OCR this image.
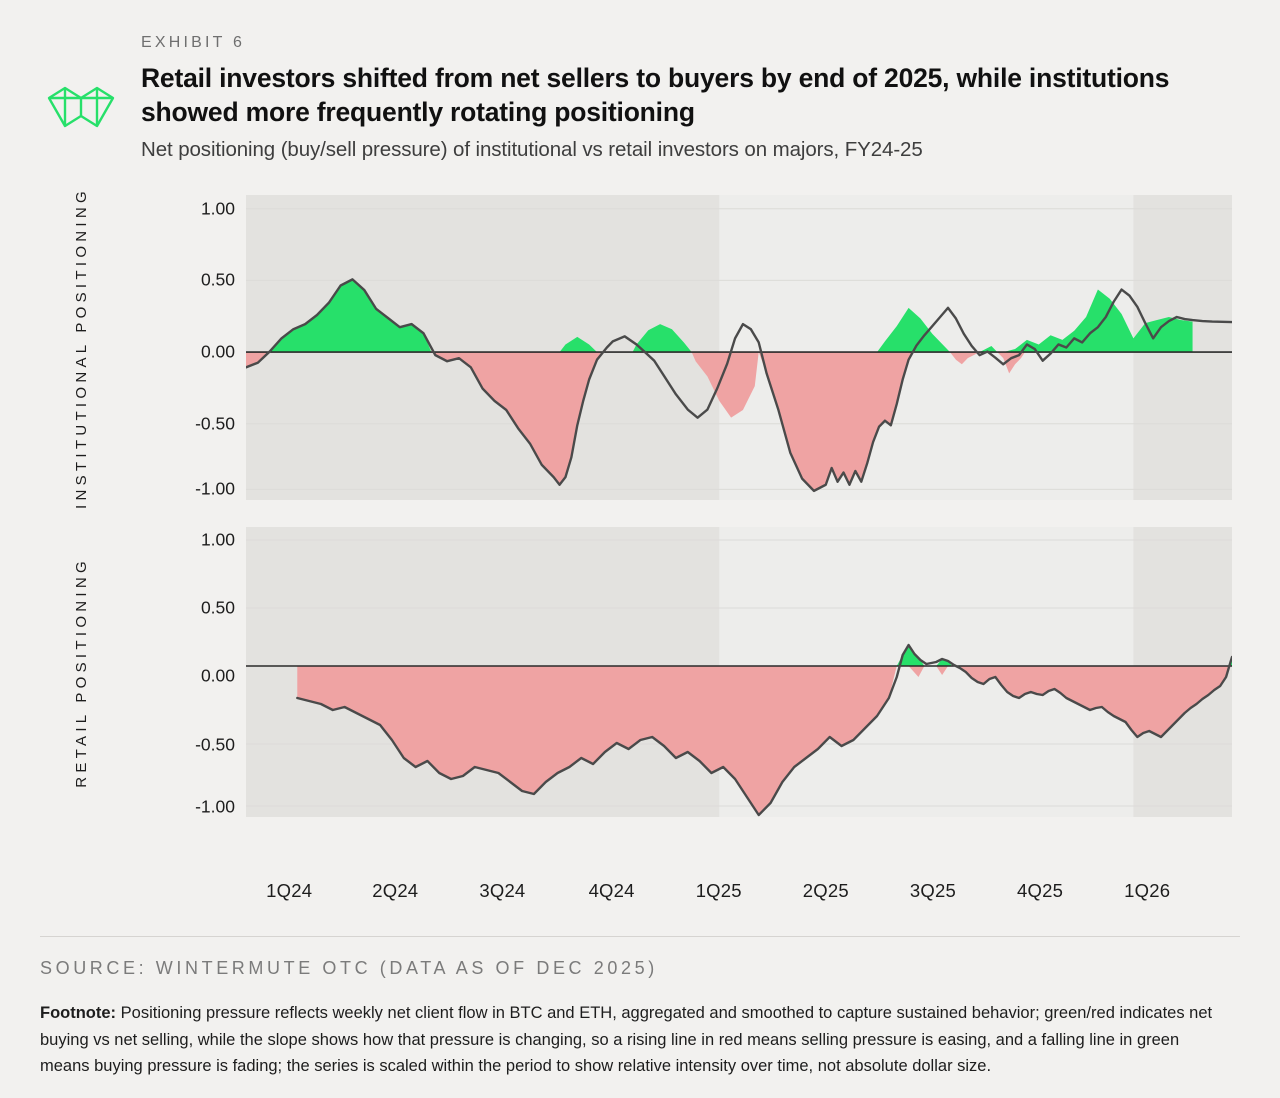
EXHIBIT 6
Retail investors shifted from net sellers to buyers by end of 2025, while institutions showed more frequently rotating positioning
Net positioning (buy/sell pressure) of institutional vs retail investors on majors, FY24-25
INSTITUTIONAL POSITIONING	1.00
0.50
0.00
-0.50
-1.00
RETAIL POSITIONING
1.00
0.50
0.00
-0.50
-1.00
1Q24	2Q24	3Q24	4Q24	1Q25	2Q25	3Q25	4Q25	1Q26
SOURCE: WINTERMUTE OTC (DATA AS OF DEC 2025)
Footnote: Positioning pressure reflects weekly net client flow in BTC and ETH, aggregated and smoothed to capture sustained behavior; green/red indicates net buying vs net selling, while the slope shows how that pressure is changing, so a rising line in red means selling pressure is easing, and a falling line in green means buying pressure is fading; the series is scaled within the period to show relative intensity over time, not absolute dollar size.
